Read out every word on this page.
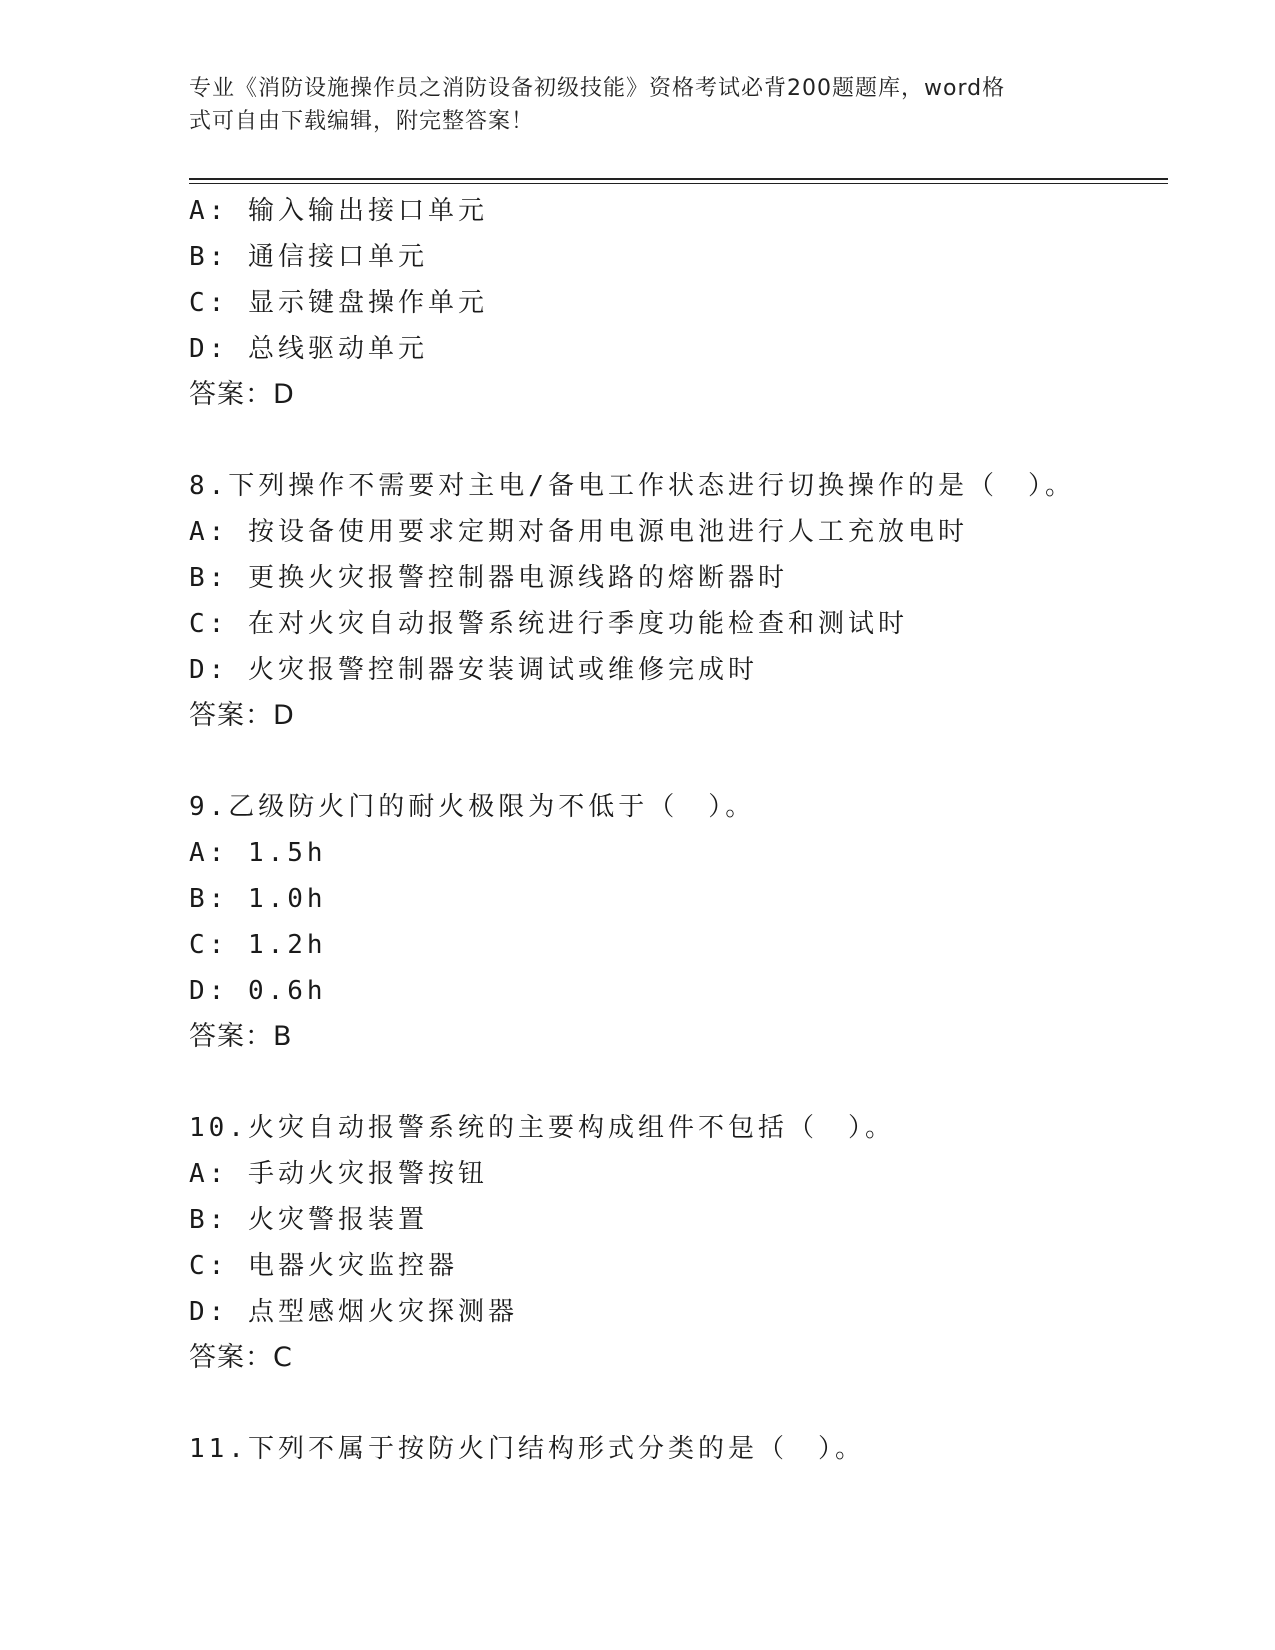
专业《消防设施操作员之消防设备初级技能》资格考试必背200题题库，word格
式可自由下载编辑，附完整答案！
A: 输入输出接口单元
B: 通信接口单元
C: 显示键盘操作单元
D: 总线驱动单元
答案：D
8.下列操作不需要对主电/备电工作状态进行切换操作的是（　）。
A: 按设备使用要求定期对备用电源电池进行人工充放电时
B: 更换火灾报警控制器电源线路的熔断器时
C: 在对火灾自动报警系统进行季度功能检查和测试时
D: 火灾报警控制器安装调试或维修完成时
答案：D
9.乙级防火门的耐火极限为不低于（　）。
A: 1.5h
B: 1.0h
C: 1.2h
D: 0.6h
答案：B
10.火灾自动报警系统的主要构成组件不包括（　）。
A: 手动火灾报警按钮
B: 火灾警报装置
C: 电器火灾监控器
D: 点型感烟火灾探测器
答案：C
11.下列不属于按防火门结构形式分类的是（　）。
